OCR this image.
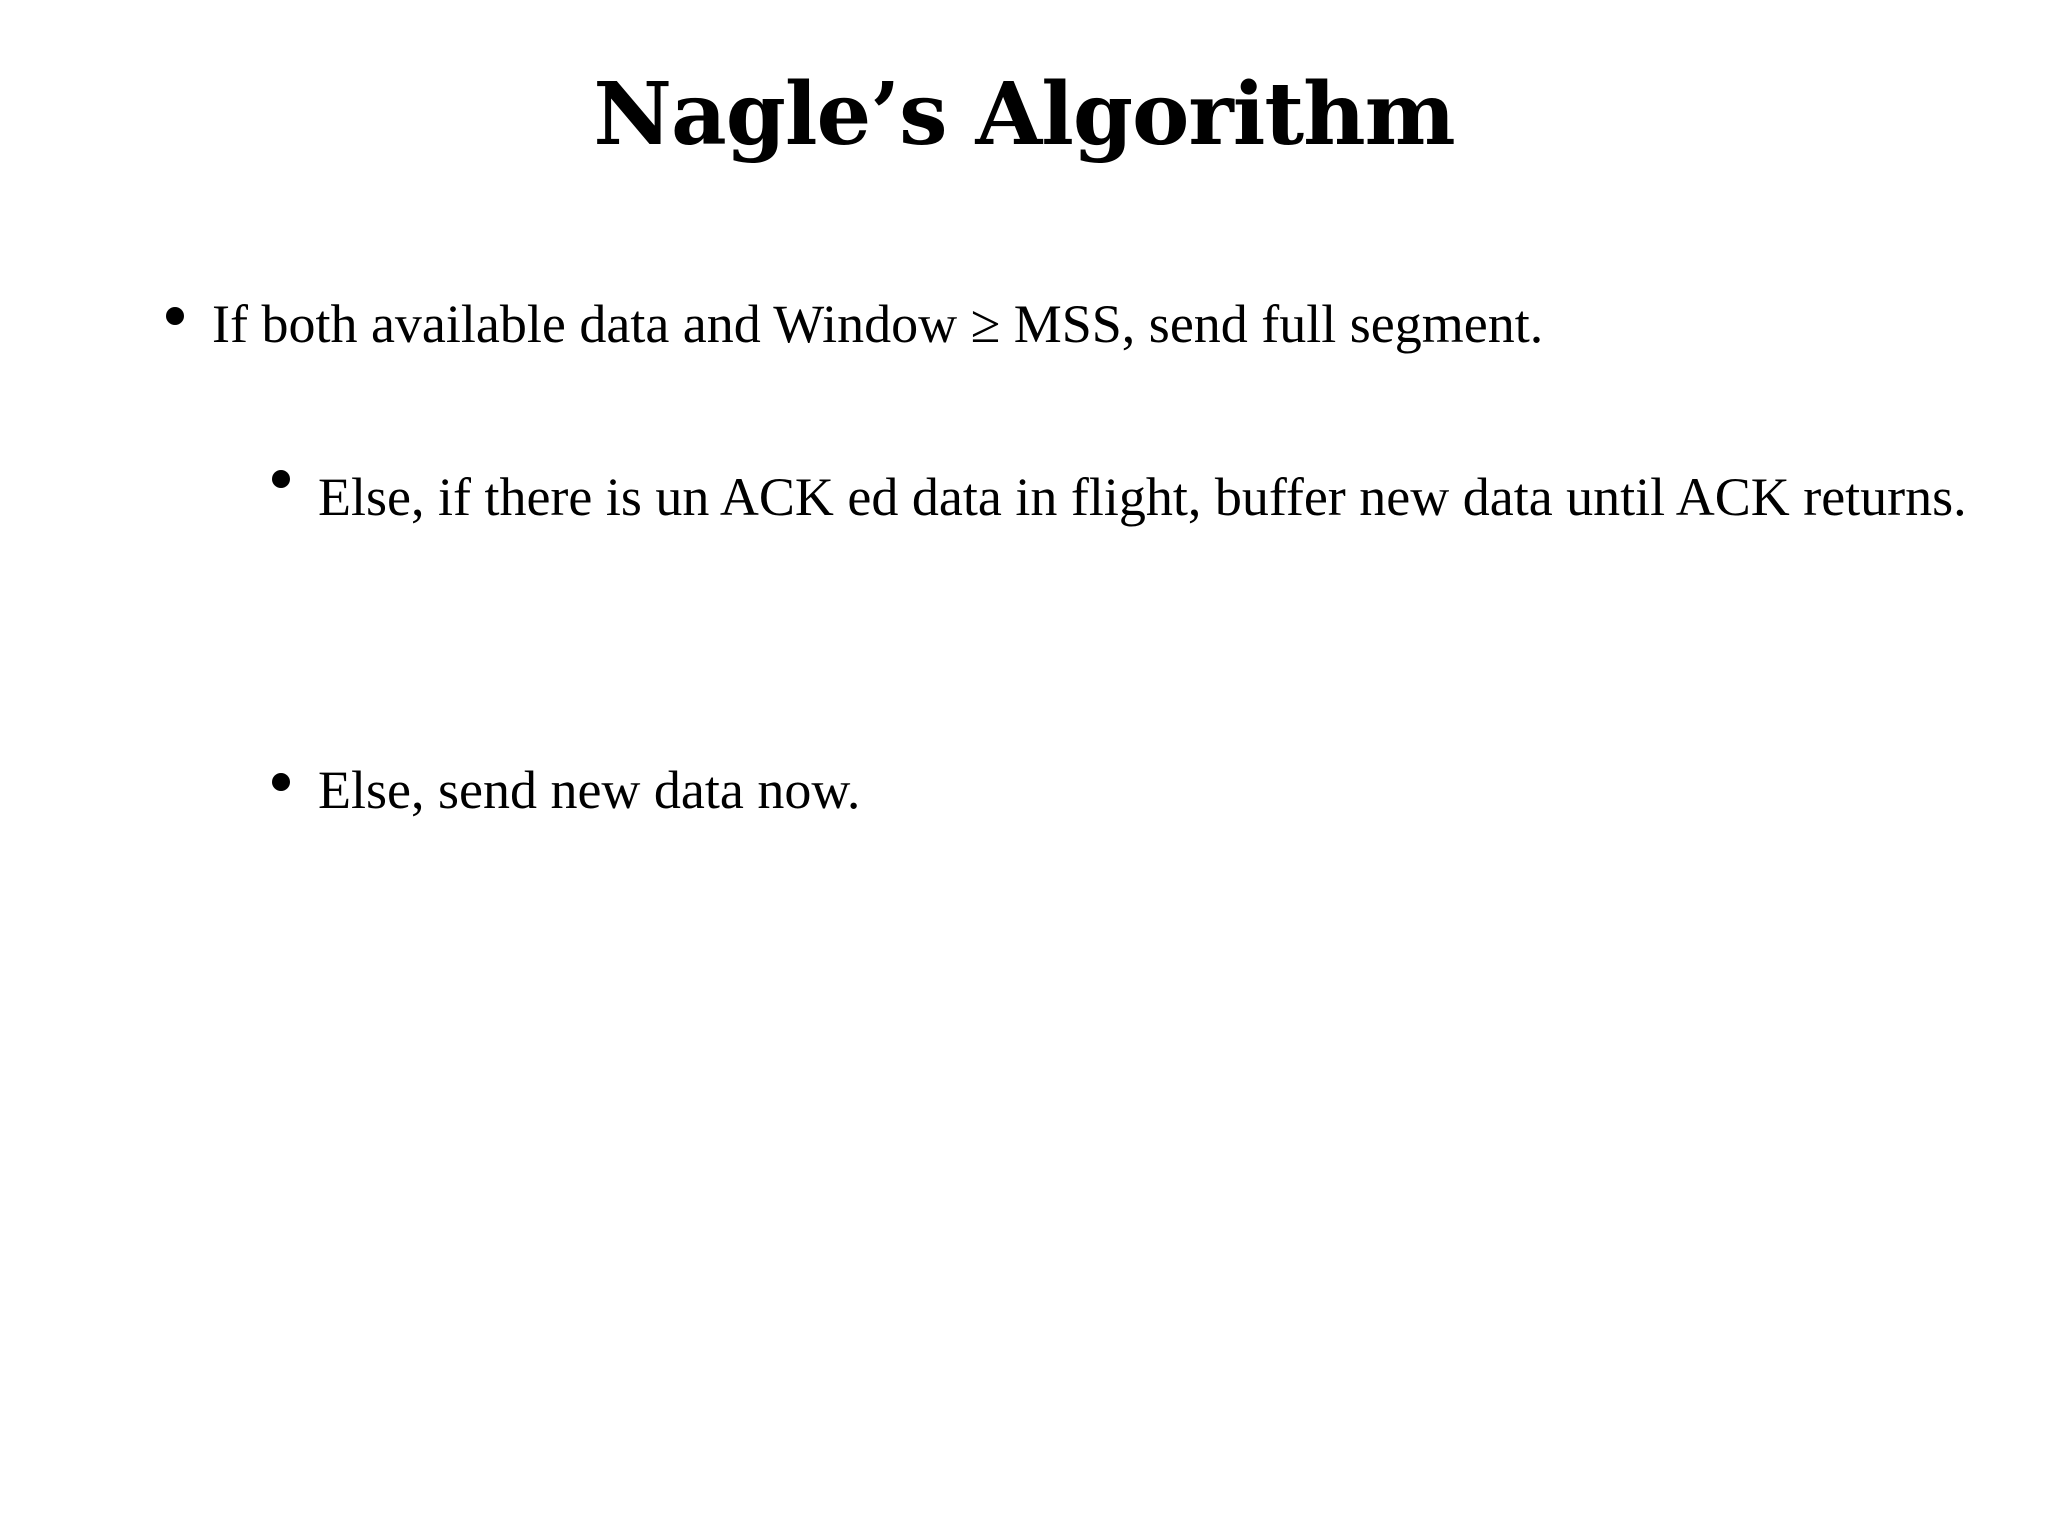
Nagle’s Algorithm
If both available data and Window ≥ MSS, send full segment.
Else, if there is un ACK ed data in flight, buffer new data until ACK returns.
Else, send new data now.
